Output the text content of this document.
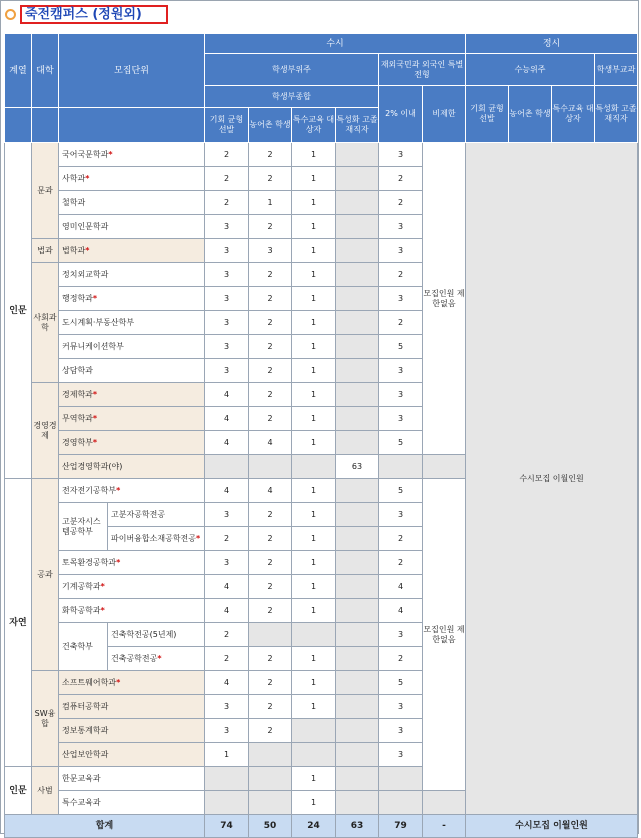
죽전캠퍼스 (정원외)
계열	대학	모집단위		수시						정시				
				학생부위주				재외국민과 외국인 특별전형		수능위주			학생부교과	
				학생부종합				2% 이내	비제한	기회 균형 선발	농어촌 학생	특수교육 대상자	특성화 고졸 재직자	
				기회 균형 선발	농어촌 학생	특수교육 대상자	특성화 고졸 재직자							
인문	문과	국어국문학과*		2	2	1		3	모집인원 제한없음	수시모집 이월인원				
		사학과*		2	2	1		2						
		철학과		2	1	1		2						
		영미인문학과		3	2	1		3						
	법과	법학과*		3	3	1		3						
	사회과학	정치외교학과		3	2	1		2						
		행정학과*		3	2	1		3						
		도시계획·부동산학부		3	2	1		2						
		커뮤니케이션학부		3	2	1		5						
		상담학과		3	2	1		3						
	경영경제	경제학과*		4	2	1		3						
		무역학과*		4	2	1		3						
		경영학부*		4	4	1		5						
		산업경영학과(야)					63							
자연	공과	전자전기공학부*		4	4	1		5	모집인원 제한없음					
		고분자시스템공학부	고분자공학전공	3	2	1		3						
			파이버융합소재공학전공*	2	2	1		2						
		토목환경공학과*		3	2	1		2						
		기계공학과*		4	2	1		4						
		화학공학과*		4	2	1		4						
		건축학부	건축학전공(5년제)	2				3						
			건축공학전공*	2	2	1		2						
	SW융합	소프트웨어학과*		4	2	1		5						
		컴퓨터공학과		3	2	1		3						
		정보통계학과		3	2			3						
		산업보안학과		1				3						
인문	사범	한문교육과				1								
		특수교육과				1								
합계				74	50	24	63	79	-	수시모집 이월인원				
